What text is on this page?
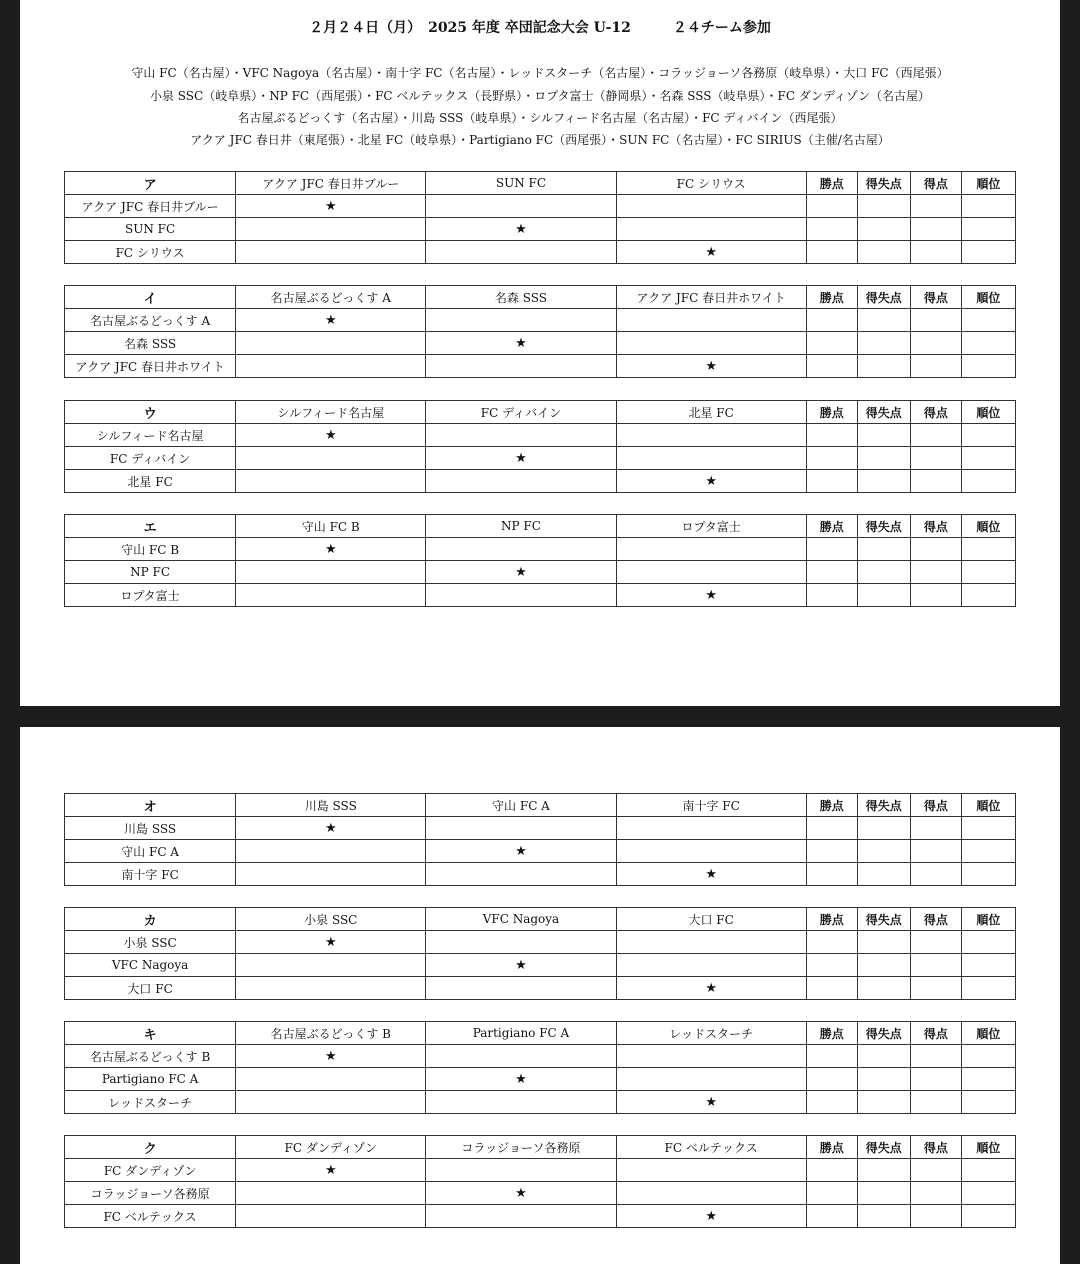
２月２４日（月）　2025 年度 卒団記念大会 U-12　　　２４チーム参加
守山 FC（名古屋）・VFC Nagoya（名古屋）・南十字 FC（名古屋）・レッドスターチ（名古屋）・コラッジョーソ各務原（岐阜県）・大口 FC（西尾張）
小泉 SSC（岐阜県）・NP FC（西尾張）・FC ベルテックス（長野県）・ロプタ富士（静岡県）・名森 SSS（岐阜県）・FC ダンディゾン（名古屋）
名古屋ぶるどっくす（名古屋）・川島 SSS（岐阜県）・シルフィード名古屋（名古屋）・FC ディバイン（西尾張）
アクア JFC 春日井（東尾張）・北星 FC（岐阜県）・Partigiano FC（西尾張）・SUN FC（名古屋）・FC SIRIUS（主催/名古屋）
ア	アクア JFC 春日井ブルー	SUN FC	FC シリウス	勝点	得失点	得点	順位
アクア JFC 春日井ブルー	★						
SUN FC		★					
FC シリウス			★				
イ	名古屋ぶるどっくす A	名森 SSS	アクア JFC 春日井ホワイト	勝点	得失点	得点	順位
名古屋ぶるどっくす A	★						
名森 SSS		★					
アクア JFC 春日井ホワイト			★				
ウ	シルフィード名古屋	FC ディバイン	北星 FC	勝点	得失点	得点	順位
シルフィード名古屋	★						
FC ディバイン		★					
北星 FC			★				
エ	守山 FC B	NP FC	ロプタ富士	勝点	得失点	得点	順位
守山 FC B	★						
NP FC		★					
ロプタ富士			★				
オ	川島 SSS	守山 FC A	南十字 FC	勝点	得失点	得点	順位
川島 SSS	★						
守山 FC A		★					
南十字 FC			★				
カ	小泉 SSC	VFC Nagoya	大口 FC	勝点	得失点	得点	順位
小泉 SSC	★						
VFC Nagoya		★					
大口 FC			★				
キ	名古屋ぶるどっくす B	Partigiano FC A	レッドスターチ	勝点	得失点	得点	順位
名古屋ぶるどっくす B	★						
Partigiano FC A		★					
レッドスターチ			★				
ク	FC ダンディゾン	コラッジョーソ各務原	FC ベルテックス	勝点	得失点	得点	順位
FC ダンディゾン	★						
コラッジョーソ各務原		★					
FC ベルテックス			★				
